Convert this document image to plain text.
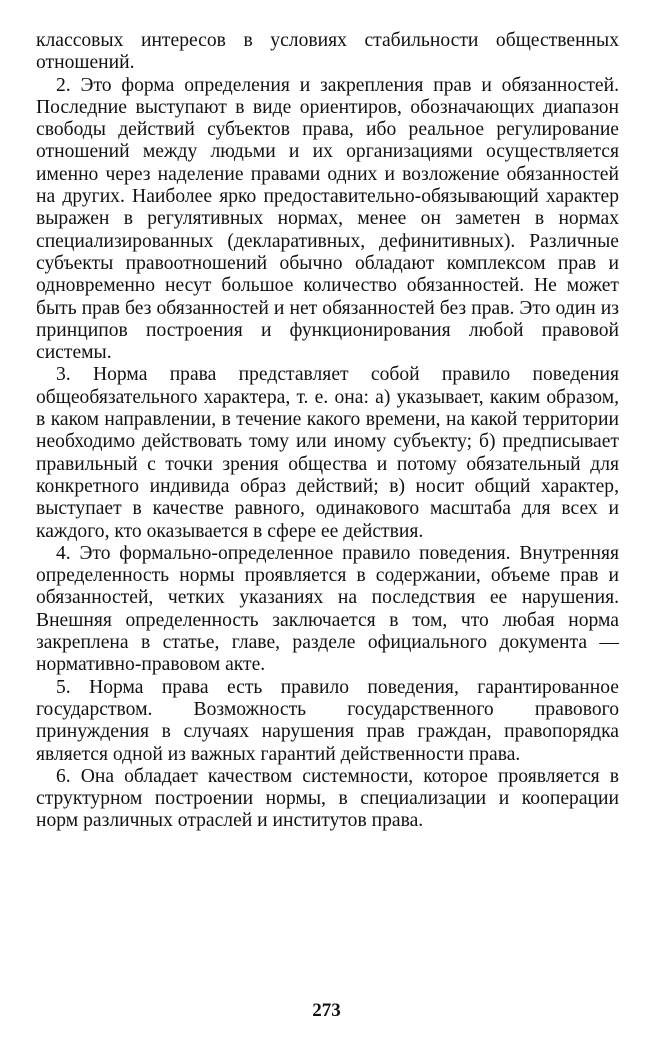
классовых интересов в условиях стабильности общественных отношений.

2. Это форма определения и закрепления прав и обязанностей. Последние выступают в виде ориентиров, обозначающих диапазон свободы действий субъектов права, ибо реальное регулирование отношений между людьми и их организациями осуществляется именно через наделение правами одних и возложение обязанностей на других. Наиболее ярко предоставительно-обязывающий характер выражен в регулятивных нормах, менее он заметен в нормах специализированных (декларативных, дефинитивных). Различные субъекты правоотношений обычно обладают комплексом прав и одновременно несут большое количество обязанностей. Не может быть прав без обязанностей и нет обязанностей без прав. Это один из принципов построения и функционирования любой правовой системы.

3. Норма права представляет собой правило поведения общеобязательного характера, т. е. она: а) указывает, каким образом, в каком направлении, в течение какого времени, на какой территории необходимо действовать тому или иному субъекту; б) предписывает правильный с точки зрения общества и потому обязательный для конкретного индивида образ действий; в) носит общий характер, выступает в качестве равного, одинакового масштаба для всех и каждого, кто оказывается в сфере ее действия.

4. Это формально-определенное правило поведения. Внутренняя определенность нормы проявляется в содержании, объеме прав и обязанностей, четких указаниях на последствия ее нарушения. Внешняя определенность заключается в том, что любая норма закреплена в статье, главе, разделе официального документа — нормативно-правовом акте.

5. Норма права есть правило поведения, гарантированное государством. Возможность государственного правового принуждения в случаях нарушения прав граждан, правопорядка является одной из важных гарантий действенности права.

6. Она обладает качеством системности, которое проявляется в структурном построении нормы, в специализации и кооперации норм различных отраслей и институтов права.

273
